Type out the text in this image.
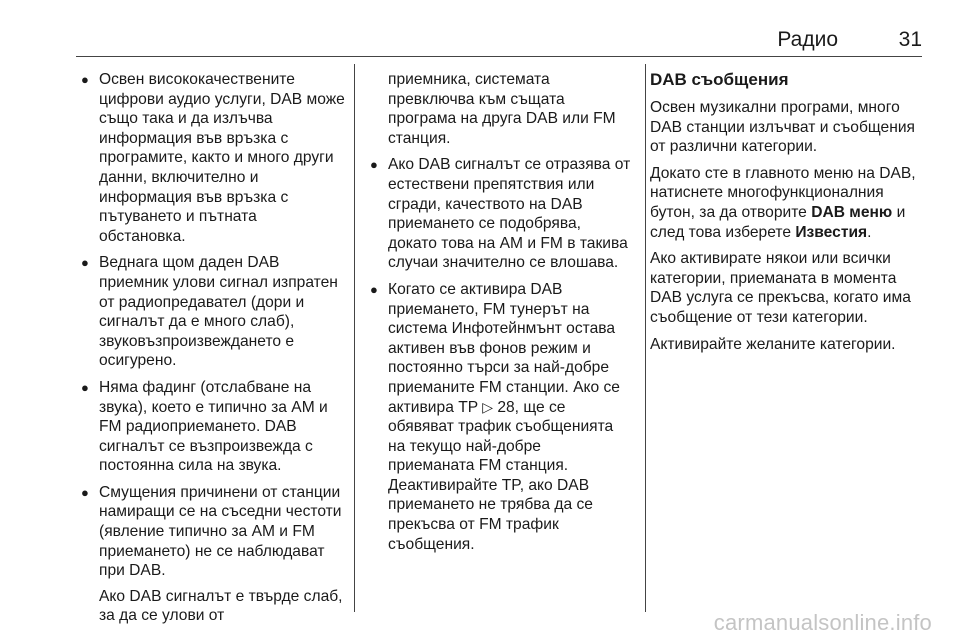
Радио	31
● Освен висококачествените цифрови аудио услуги, DAB може също така и да излъчва информация във връзка с програмите, както и много други данни, включително и информация във връзка с пътуването и пътната обстановка.
● Веднага щом даден DAB приемник улови сигнал изпратен от радиопредавател (дори и сигналът да е много слаб), звуковъзпроизвеждането е осигурено.
● Няма фадинг (отслабване на звука), което е типично за AM и FM радиоприемането. DAB сигналът се възпроизвежда с постоянна сила на звука.
● Смущения причинени от станции намиращи се на съседни честоти (явление типично за AM и FM приемането) не се наблюдават при DAB.

Ако DAB сигналът е твърде слаб, за да се улови от

приемника, системата превключва към същата програма на друга DAB или FM станция.

● Ако DAB сигналът се отразява от естествени препятствия или сгради, качеството на DAB приемането се подобрява, докато това на AM и FM в такива случаи значително се влошава.
● Когато се активира DAB приемането, FM тунерът на система Инфотейнмънт остава активен във фонов режим и постоянно търси за най-добре приеманите FM станции. Ако се активира TP ▷ 28, ще се обявяват трафик съобщенията на текущо най-добре приеманата FM станция.
Деактивирайте TP, ако DAB приемането не трябва да се прекъсва от FM трафик съобщения.
DAB съобщения

Освен музикални програми, много DAB станции излъчват и съобщения от различни категории.

Докато сте в главното меню на DAB, натиснете многофункционалния бутон, за да отворите DAB меню и след това изберете Известия.

Ако активирате някои или всички категории, приеманата в момента DAB услуга се прекъсва, когато има съобщение от тези категории.

Активирайте желаните категории.

carmanualsonline.info
